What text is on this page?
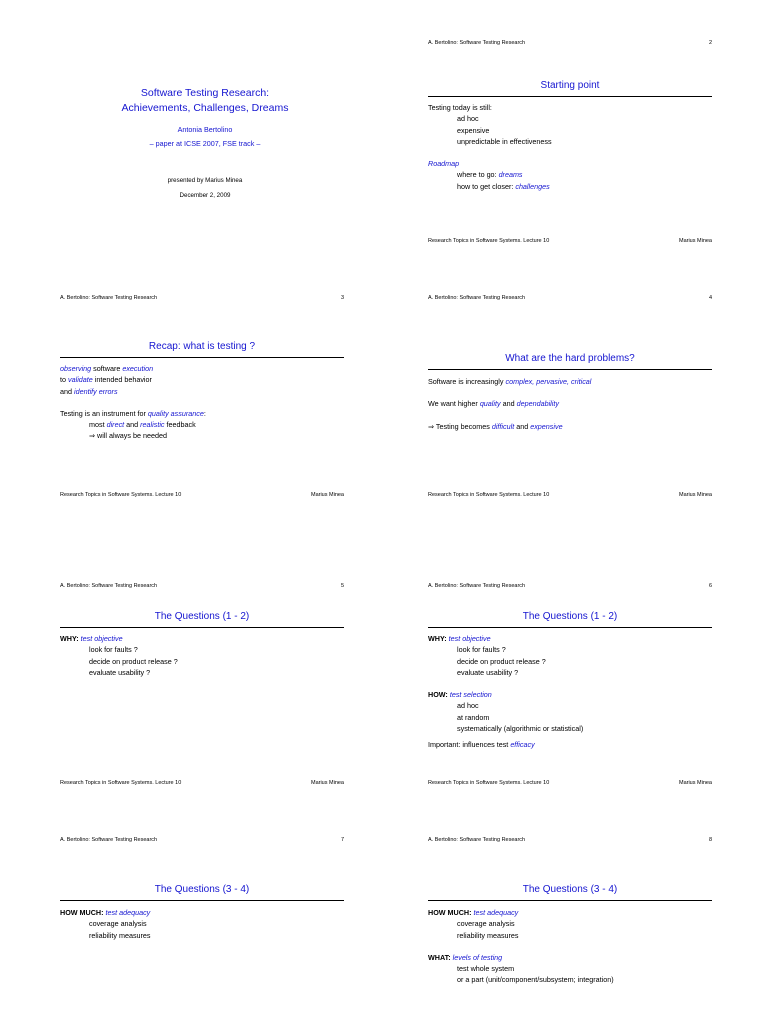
Software Testing Research:
Achievements, Challenges, Dreams
Antonia Bertolino
– paper at ICSE 2007, FSE track –
presented by Marius Minea
December 2, 2009
A. Bertolino: Software Testing Research	2
Starting point
Testing today is still:
ad hoc
expensive
unpredictable in effectiveness
Roadmap
where to go: dreams
how to get closer: challenges
Research Topics in Software Systems. Lecture 10	Marius Minea
A. Bertolino: Software Testing Research	3
Recap: what is testing ?
observing software execution
to validate intended behavior
and identify errors
Testing is an instrument for quality assurance:
most direct and realistic feedback
⇒ will always be needed
Research Topics in Software Systems. Lecture 10	Marius Minea
A. Bertolino: Software Testing Research	4
What are the hard problems?
Software is increasingly complex, pervasive, critical
We want higher quality and dependability
⇒ Testing becomes difficult and expensive
Research Topics in Software Systems. Lecture 10	Marius Minea
A. Bertolino: Software Testing Research	5
The Questions (1 - 2)
WHY: test objective
look for faults ?
decide on product release ?
evaluate usability ?
Research Topics in Software Systems. Lecture 10	Marius Minea
A. Bertolino: Software Testing Research	6
The Questions (1 - 2)
WHY: test objective
look for faults ?
decide on product release ?
evaluate usability ?
HOW: test selection
ad hoc
at random
systematically (algorithmic or statistical)
Important: influences test efficacy
Research Topics in Software Systems. Lecture 10	Marius Minea
A. Bertolino: Software Testing Research	7
The Questions (3 - 4)
HOW MUCH: test adequacy
coverage analysis
reliability measures
A. Bertolino: Software Testing Research	8
The Questions (3 - 4)
HOW MUCH: test adequacy
coverage analysis
reliability measures
WHAT: levels of testing
test whole system
or a part (unit/component/subsystem; integration)
